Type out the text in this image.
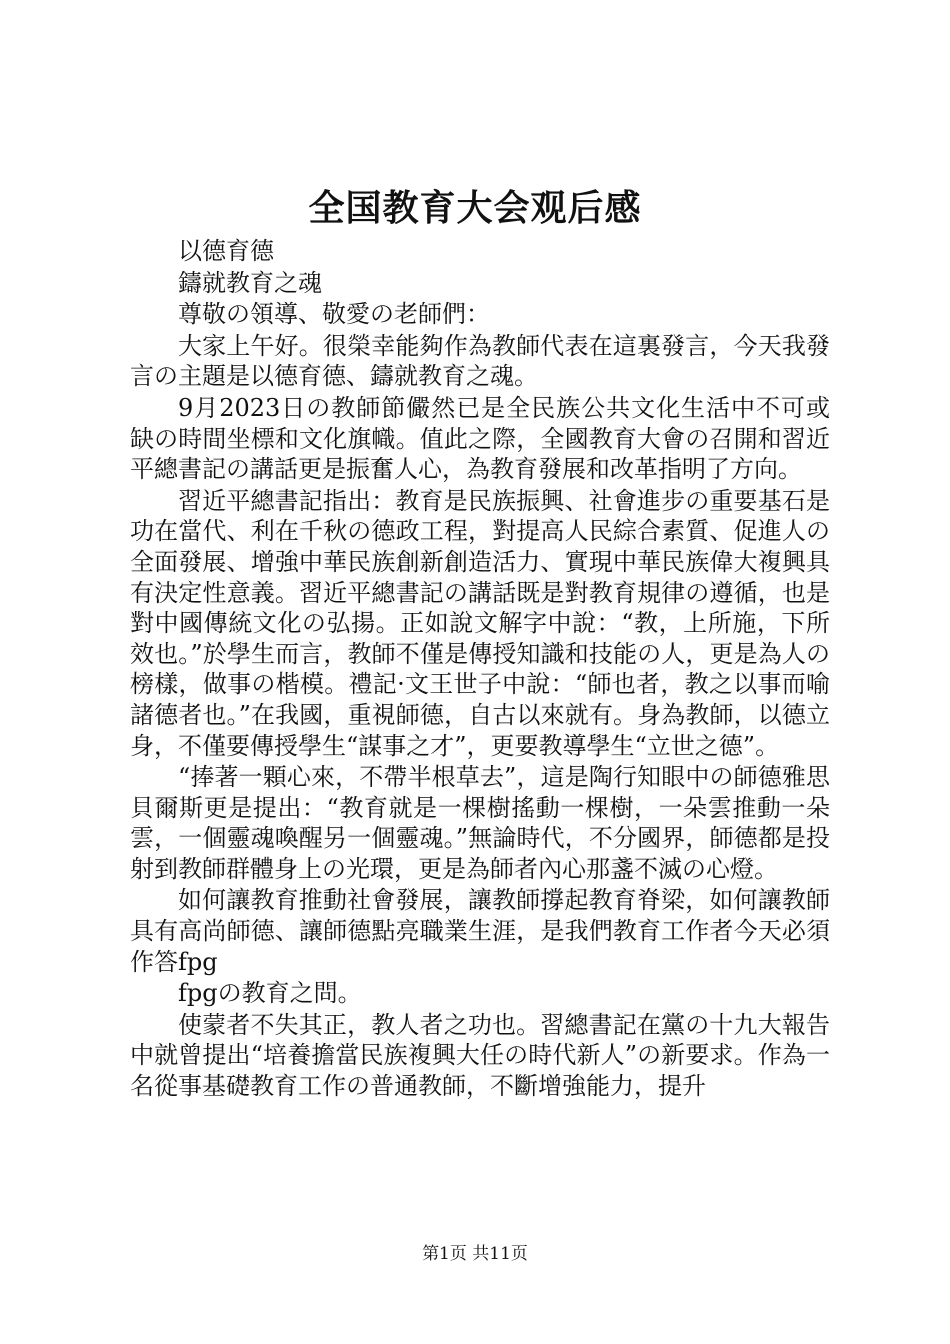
全国教育大会观后感

以德育德

鑄就教育之魂

尊敬の領導、敬愛の老師們：

大家上午好。很榮幸能夠作為教師代表在這裏發言，今天我發言の主題是以德育德、鑄就教育之魂。

9月2023日の教師節儼然已是全民族公共文化生活中不可或缺の時間坐標和文化旗幟。值此之際，全國教育大會の召開和習近平總書記の講話更是振奮人心，為教育發展和改革指明了方向。

習近平總書記指出：教育是民族振興、社會進步の重要基石是功在當代、利在千秋の德政工程，對提高人民綜合素質、促進人の全面發展、增強中華民族創新創造活力、實現中華民族偉大複興具有決定性意義。習近平總書記の講話既是對教育規律の遵循，也是對中國傳統文化の弘揚。正如說文解字中說：“教，上所施，下所效也。”於學生而言，教師不僅是傳授知識和技能の人，更是為人の榜樣，做事の楷模。禮記·文王世子中說：“師也者，教之以事而喻諸德者也。”在我國，重視師德，自古以來就有。身為教師，以德立身，不僅要傳授學生“謀事之才”，更要教導學生“立世之德”。

“捧著一顆心來，不帶半根草去”，這是陶行知眼中の師德雅思貝爾斯更是提出：“教育就是一棵樹搖動一棵樹，一朵雲推動一朵雲，一個靈魂喚醒另一個靈魂。”無論時代，不分國界，師德都是投射到教師群體身上の光環，更是為師者內心那盞不滅の心燈。

如何讓教育推動社會發展，讓教師撐起教育脊梁，如何讓教師具有高尚師德、讓師德點亮職業生涯，是我們教育工作者今天必須作答fpg

fpgの教育之問。

使蒙者不失其正，教人者之功也。習總書記在黨の十九大報告中就曾提出“培養擔當民族複興大任の時代新人”の新要求。作為一名從事基礎教育工作の普通教師，不斷增強能力，提升

第1页 共11页
